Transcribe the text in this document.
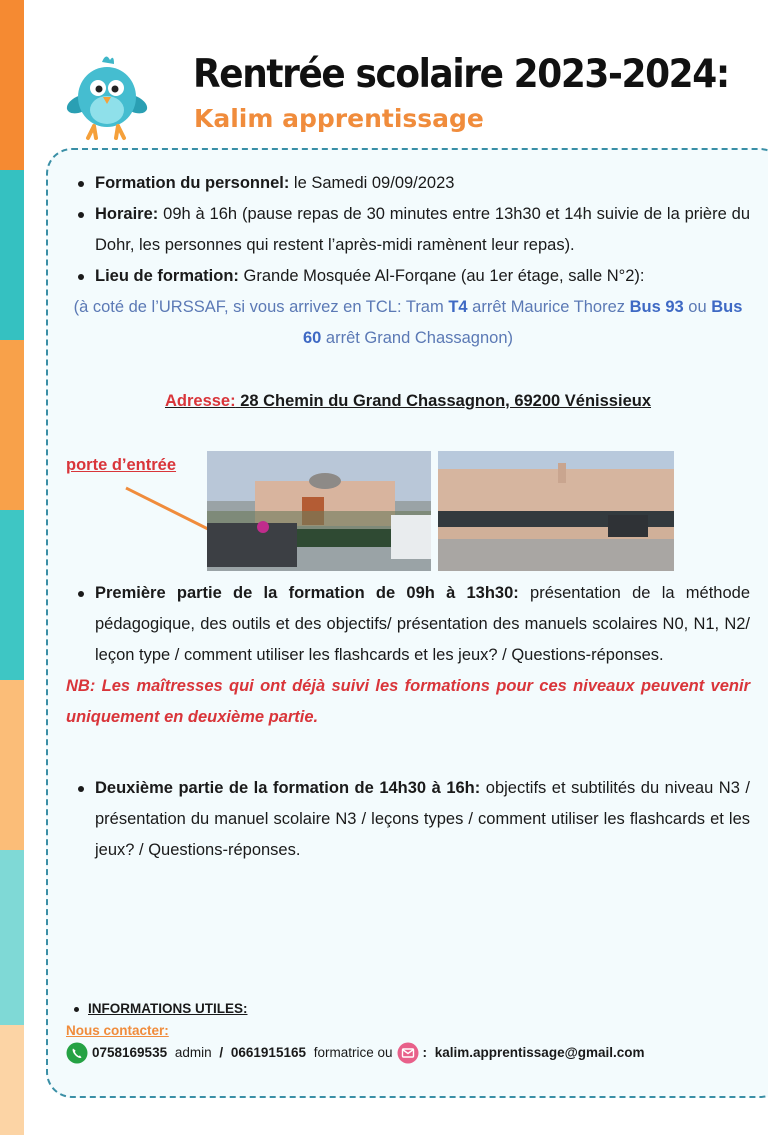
Rentrée scolaire 2023-2024:
Kalim apprentissage
Formation du personnel: le Samedi 09/09/2023
Horaire: 09h à 16h (pause repas de 30 minutes entre 13h30 et 14h suivie de la prière du Dohr, les personnes qui restent l’après-midi ramènent leur repas).
Lieu de formation: Grande Mosquée Al-Forqane (au 1er étage, salle N°2):

(à coté de l’URSSAF, si vous arrivez en TCL: Tram T4 arrêt Maurice Thorez Bus 93 ou Bus 60 arrêt Grand Chassagnon)

Adresse: 28 Chemin du Grand Chassagnon, 69200 Vénissieux

porte d’entrée
Première partie de la formation de 09h à 13h30: présentation de la méthode pédagogique, des outils et des objectifs/ présentation des manuels scolaires N0, N1, N2/ leçon type / comment utiliser les flashcards et les jeux? / Questions-réponses.

NB: Les maîtresses qui ont déjà suivi les formations pour ces niveaux peuvent venir uniquement en deuxième partie.

Deuxième partie de la formation de 14h30 à 16h: objectifs et subtilités du niveau N3 / présentation du manuel scolaire N3 / leçons types / comment utiliser les flashcards et les jeux? / Questions-réponses.
INFORMATIONS UTILES:
Nous contacter:
0758169535 admin / 0661915165 formatrice ou : kalim.apprentissage@gmail.com
